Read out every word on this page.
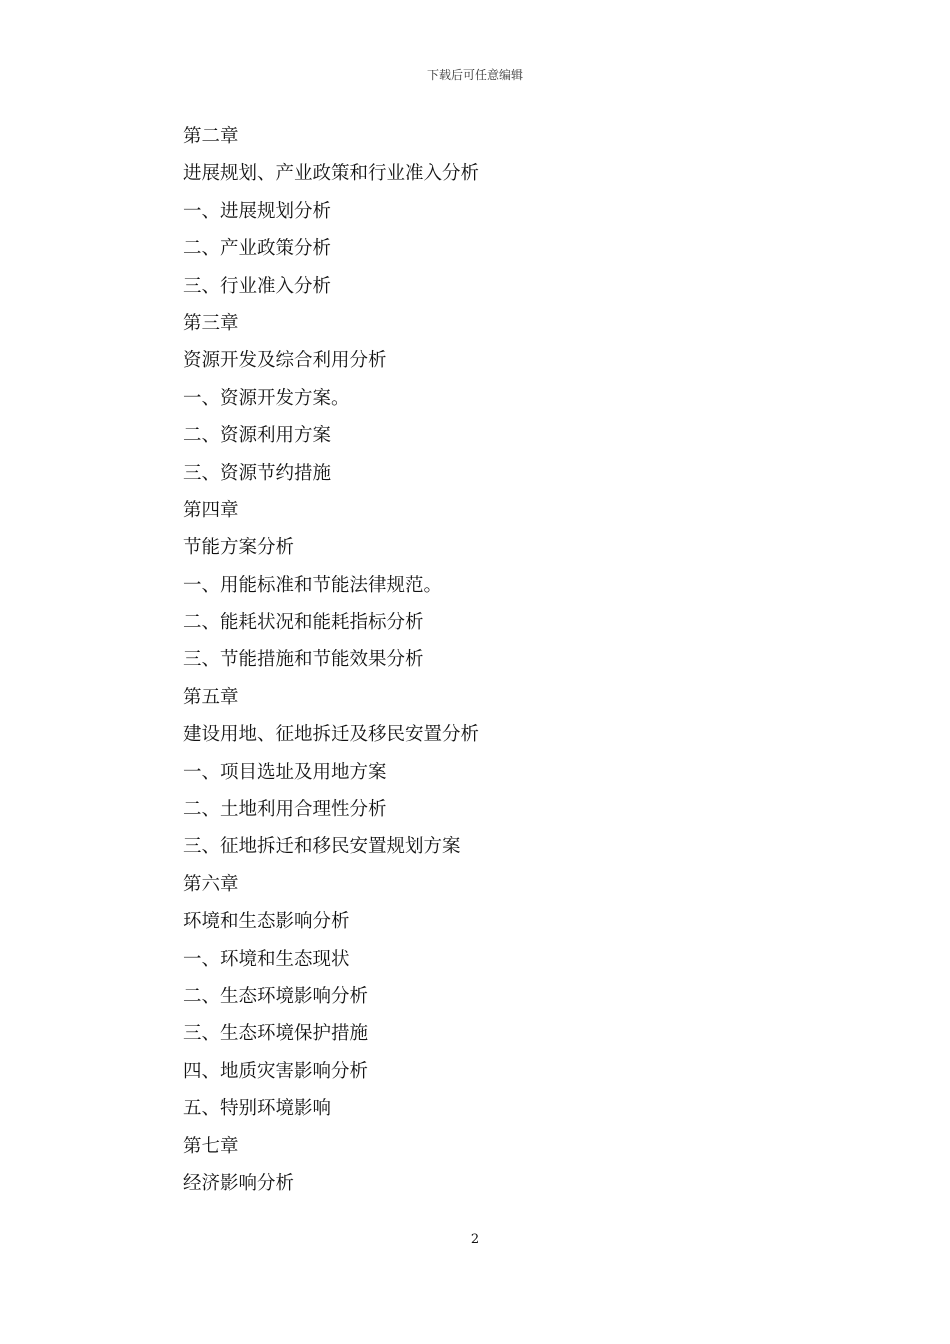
下载后可任意编辑
第二章
进展规划、产业政策和行业准入分析
一、进展规划分析
二、产业政策分析
三、行业准入分析
第三章
资源开发及综合利用分析
一、资源开发方案。
二、资源利用方案
三、资源节约措施
第四章
节能方案分析
一、用能标准和节能法律规范。
二、能耗状况和能耗指标分析
三、节能措施和节能效果分析
第五章
建设用地、征地拆迁及移民安置分析
一、项目选址及用地方案
二、土地利用合理性分析
三、征地拆迁和移民安置规划方案
第六章
环境和生态影响分析
一、环境和生态现状
二、生态环境影响分析
三、生态环境保护措施
四、地质灾害影响分析
五、特别环境影响
第七章
经济影响分析
2
